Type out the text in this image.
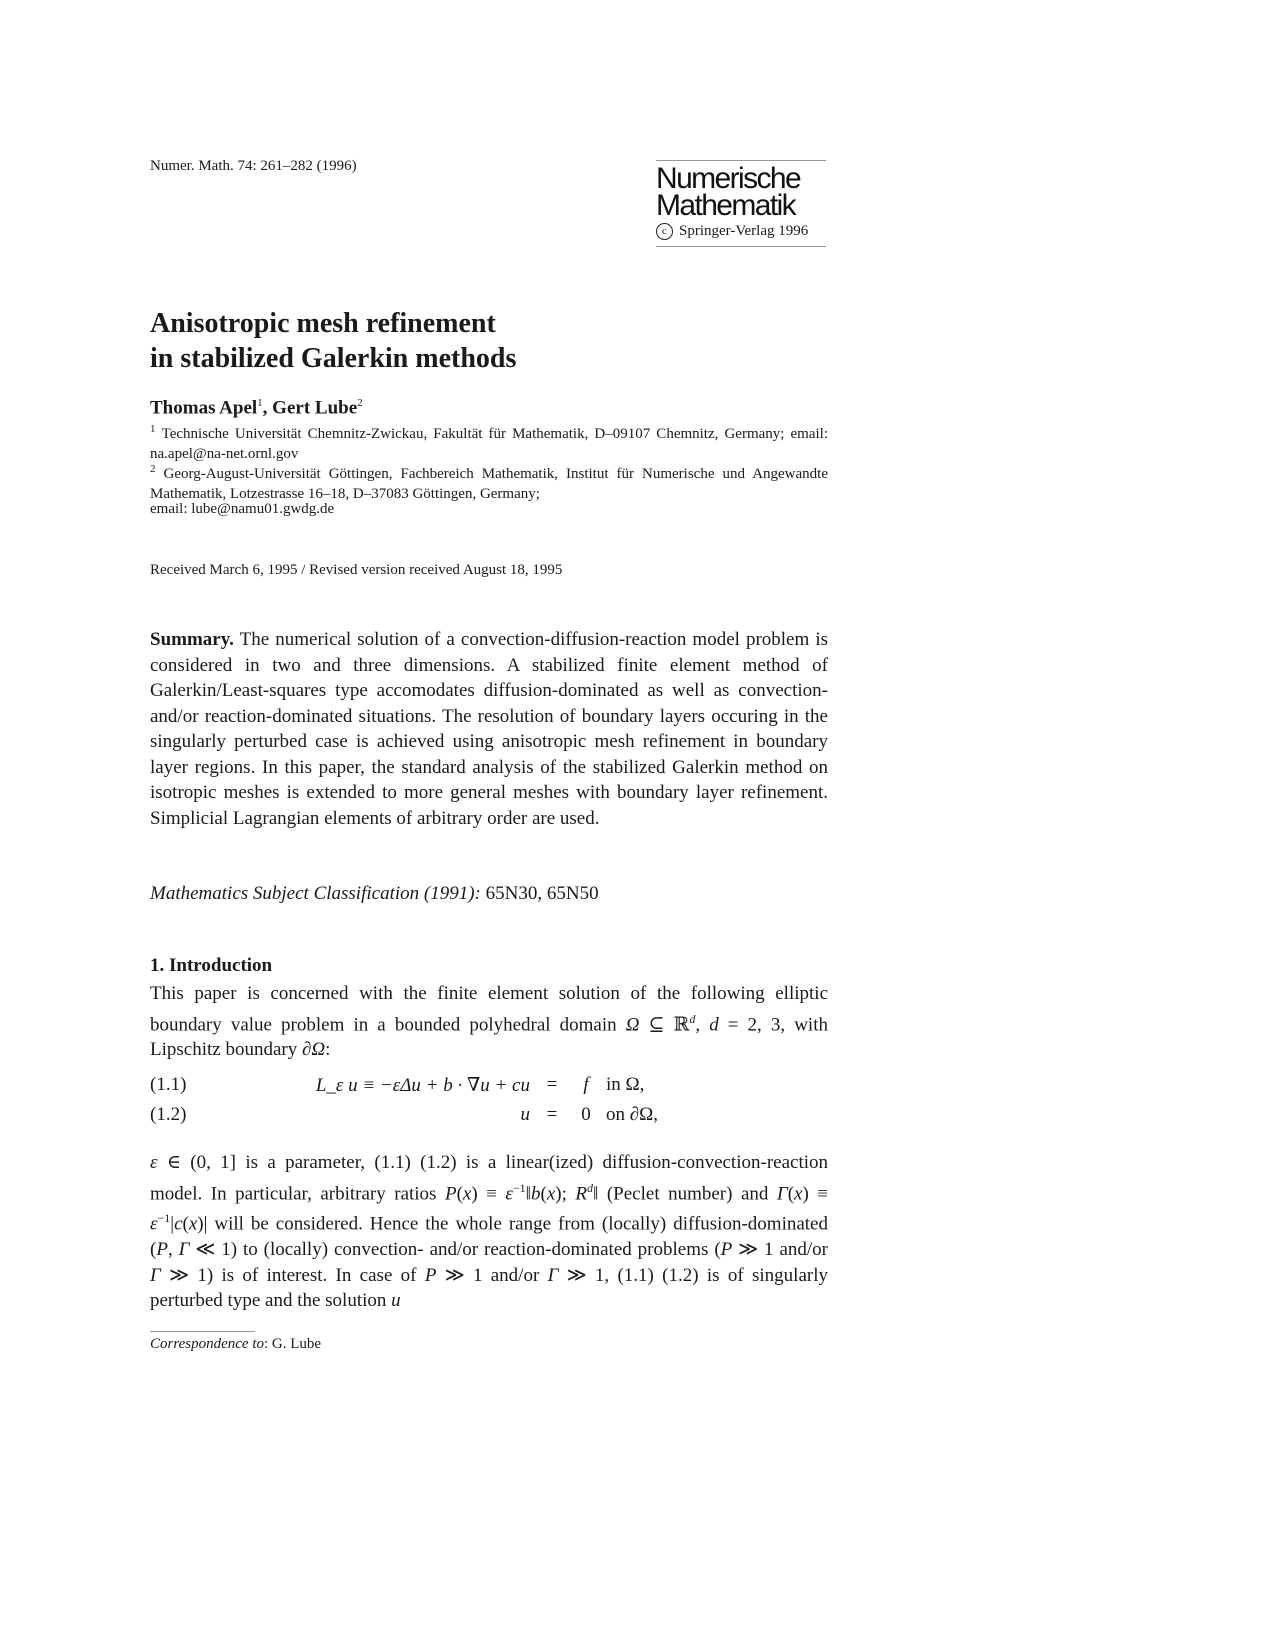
Numer. Math. 74: 261–282 (1996)	Numerische
Mathematik
c Springer-Verlag 1996
Anisotropic mesh refinement
in stabilized Galerkin methods
Thomas Apel$^1$, Gert Lube$^2$
$^1$ Technische Universität Chemnitz-Zwickau, Fakultät für Mathematik, D–09107 Chemnitz, Germany; email: na.apel@na-net.ornl.gov
$^2$ Georg-August-Universität Göttingen, Fachbereich Mathematik, Institut für Numerische und Angewandte Mathematik, Lotzestrasse 16–18, D–37083 Göttingen, Germany;
email: lube@namu01.gwdg.de
Received March 6, 1995 / Revised version received August 18, 1995
Summary. The numerical solution of a convection-diffusion-reaction model problem is considered in two and three dimensions. A stabilized finite element method of Galerkin/Least-squares type accomodates diffusion-dominated as well as convection- and/or reaction-dominated situations. The resolution of boundary layers occuring in the singularly perturbed case is achieved using anisotropic mesh refinement in boundary layer regions. In this paper, the standard analysis of the stabilized Galerkin method on isotropic meshes is extended to more general meshes with boundary layer refinement. Simplicial Lagrangian elements of arbitrary order are used.
Mathematics Subject Classification (1991): 65N30, 65N50
1. Introduction
This paper is concerned with the finite element solution of the following elliptic boundary value problem in a bounded polyhedral domain Ω ⊆ ℝ$^d$, d = 2, 3, with Lipschitz boundary ∂Ω:
(1.1)	L_ε u ≡ −εΔu + b · ∇u + cu =	f in Ω,
(1.2)	u =	0 on ∂Ω,
ε ∈ (0, 1] is a parameter, (1.1) (1.2) is a linear(ized) diffusion-convection-reaction model. In particular, arbitrary ratios $P(x) \equiv \varepsilon^{-1}‖b(x)$; $R^d‖$ (Peclet number) and $\Gamma(x) \equiv \varepsilon^{-1}|c(x)|$ will be considered. Hence the whole range from (locally) diffusion-dominated (P, Γ ≪ 1) to (locally) convection- and/or reaction-dominated problems (P ≫ 1 and/or Γ ≫ 1) is of interest. In case of P ≫ 1 and/or Γ ≫ 1, (1.1) (1.2) is of singularly perturbed type and the solution u
Correspondence to: G. Lube
